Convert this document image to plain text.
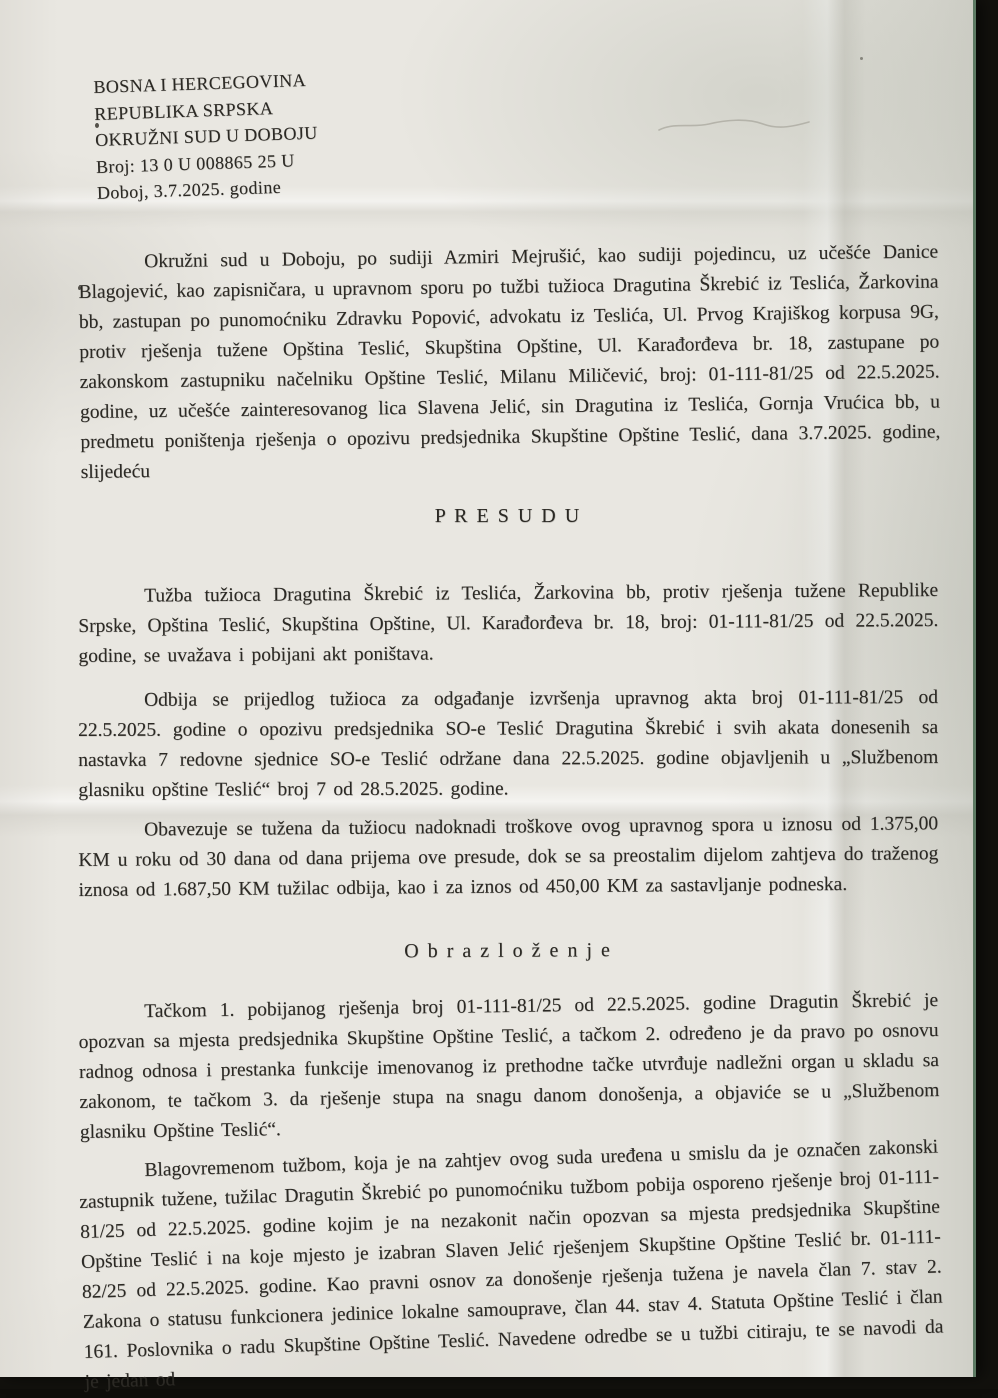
BOSNA I HERCEGOVINA
REPUBLIKA SRPSKA
OKRUŽNI SUD U DOBOJU
Broj: 13 0 U 008865 25 U
Doboj, 3.7.2025. godine
Okružni sud u Doboju, po sudiji Azmiri Mejrušić, kao sudiji pojedincu, uz učešće Danice Blagojević, kao zapisničara, u upravnom sporu po tužbi tužioca Dragutina Škrebić iz Teslića, Žarkovina bb, zastupan po punomoćniku Zdravku Popović, advokatu iz Teslića, Ul. Prvog Krajiškog korpusa 9G, protiv rješenja tužene Opština Teslić, Skupština Opštine, Ul. Karađorđeva br. 18, zastupane po zakonskom zastupniku načelniku Opštine Teslić, Milanu Miličević, broj: 01-111-81/25 od 22.5.2025. godine, uz učešće zainteresovanog lica Slavena Jelić, sin Dragutina iz Teslića, Gornja Vrućica bb, u predmetu poništenja rješenja o opozivu predsjednika Skupštine Opštine Teslić, dana 3.7.2025. godine, slijedeću
P R E S U D U
Tužba tužioca Dragutina Škrebić iz Teslića, Žarkovina bb, protiv rješenja tužene Republike Srpske, Opština Teslić, Skupština Opštine, Ul. Karađorđeva br. 18, broj: 01-111-81/25 od 22.5.2025. godine, se uvažava i pobijani akt poništava.
Odbija se prijedlog tužioca za odgađanje izvršenja upravnog akta broj 01-111-81/25 od 22.5.2025. godine o opozivu predsjednika SO-e Teslić Dragutina Škrebić i svih akata donesenih sa nastavka 7 redovne sjednice SO-e Teslić održane dana 22.5.2025. godine objavljenih u „Službenom glasniku opštine Teslić“ broj 7 od 28.5.2025. godine.
Obavezuje se tužena da tužiocu nadoknadi troškove ovog upravnog spora u iznosu od 1.375,00 KM u roku od 30 dana od dana prijema ove presude, dok se sa preostalim dijelom zahtjeva do traženog iznosa od 1.687,50 KM tužilac odbija, kao i za iznos od 450,00 KM za sastavljanje podneska.
O b r a z l o ž e n j e
Tačkom 1. pobijanog rješenja broj 01-111-81/25 od 22.5.2025. godine Dragutin Škrebić je opozvan sa mjesta predsjednika Skupštine Opštine Teslić, a tačkom 2. određeno je da pravo po osnovu radnog odnosa i prestanka funkcije imenovanog iz prethodne tačke utvrđuje nadležni organ u skladu sa zakonom, te tačkom 3. da rješenje stupa na snagu danom donošenja, a objaviće se u „Službenom glasniku Opštine Teslić“.
Blagovremenom tužbom, koja je na zahtjev ovog suda uređena u smislu da je označen zakonski zastupnik tužene, tužilac Dragutin Škrebić po punomoćniku tužbom pobija osporeno rješenje broj 01-111-81/25 od 22.5.2025. godine kojim je na nezakonit način opozvan sa mjesta predsjednika Skupštine Opštine Teslić i na koje mjesto je izabran Slaven Jelić rješenjem Skupštine Opštine Teslić br. 01-111-82/25 od 22.5.2025. godine. Kao pravni osnov za donošenje rješenja tužena je navela član 7. stav 2. Zakona o statusu funkcionera jedinice lokalne samouprave, član 44. stav 4. Statuta Opštine Teslić i član 161. Poslovnika o radu Skupštine Opštine Teslić. Navedene odredbe se u tužbi citiraju, te se navodi da je jedan od
